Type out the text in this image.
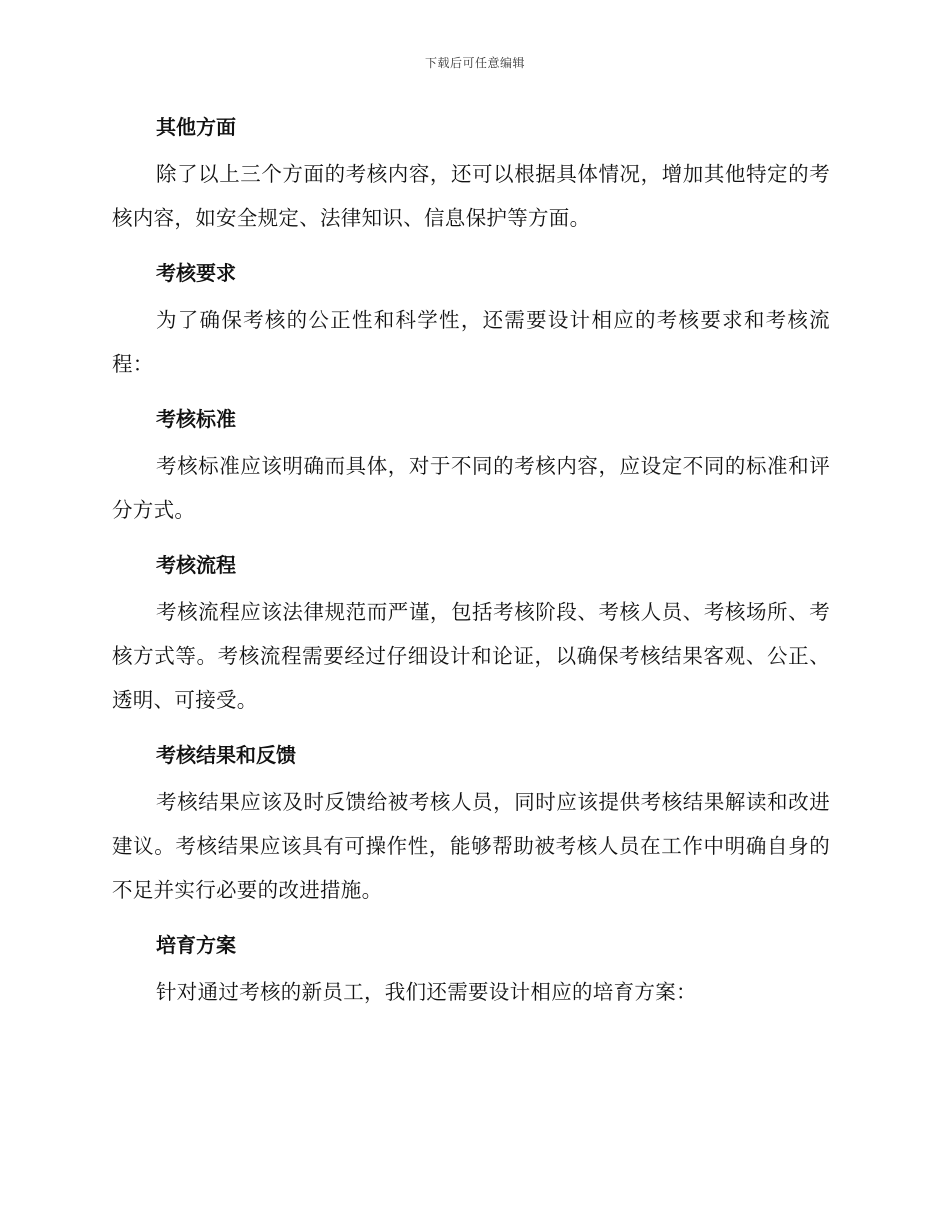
下载后可任意编辑
其他方面

除了以上三个方面的考核内容，还可以根据具体情况，增加其他特定的考核内容，如安全规定、法律知识、信息保护等方面。

考核要求

为了确保考核的公正性和科学性，还需要设计相应的考核要求和考核流程：

考核标准

考核标准应该明确而具体，对于不同的考核内容，应设定不同的标准和评分方式。

考核流程

考核流程应该法律规范而严谨，包括考核阶段、考核人员、考核场所、考核方式等。考核流程需要经过仔细设计和论证，以确保考核结果客观、公正、透明、可接受。

考核结果和反馈

考核结果应该及时反馈给被考核人员，同时应该提供考核结果解读和改进建议。考核结果应该具有可操作性，能够帮助被考核人员在工作中明确自身的不足并实行必要的改进措施。

培育方案

针对通过考核的新员工，我们还需要设计相应的培育方案：
